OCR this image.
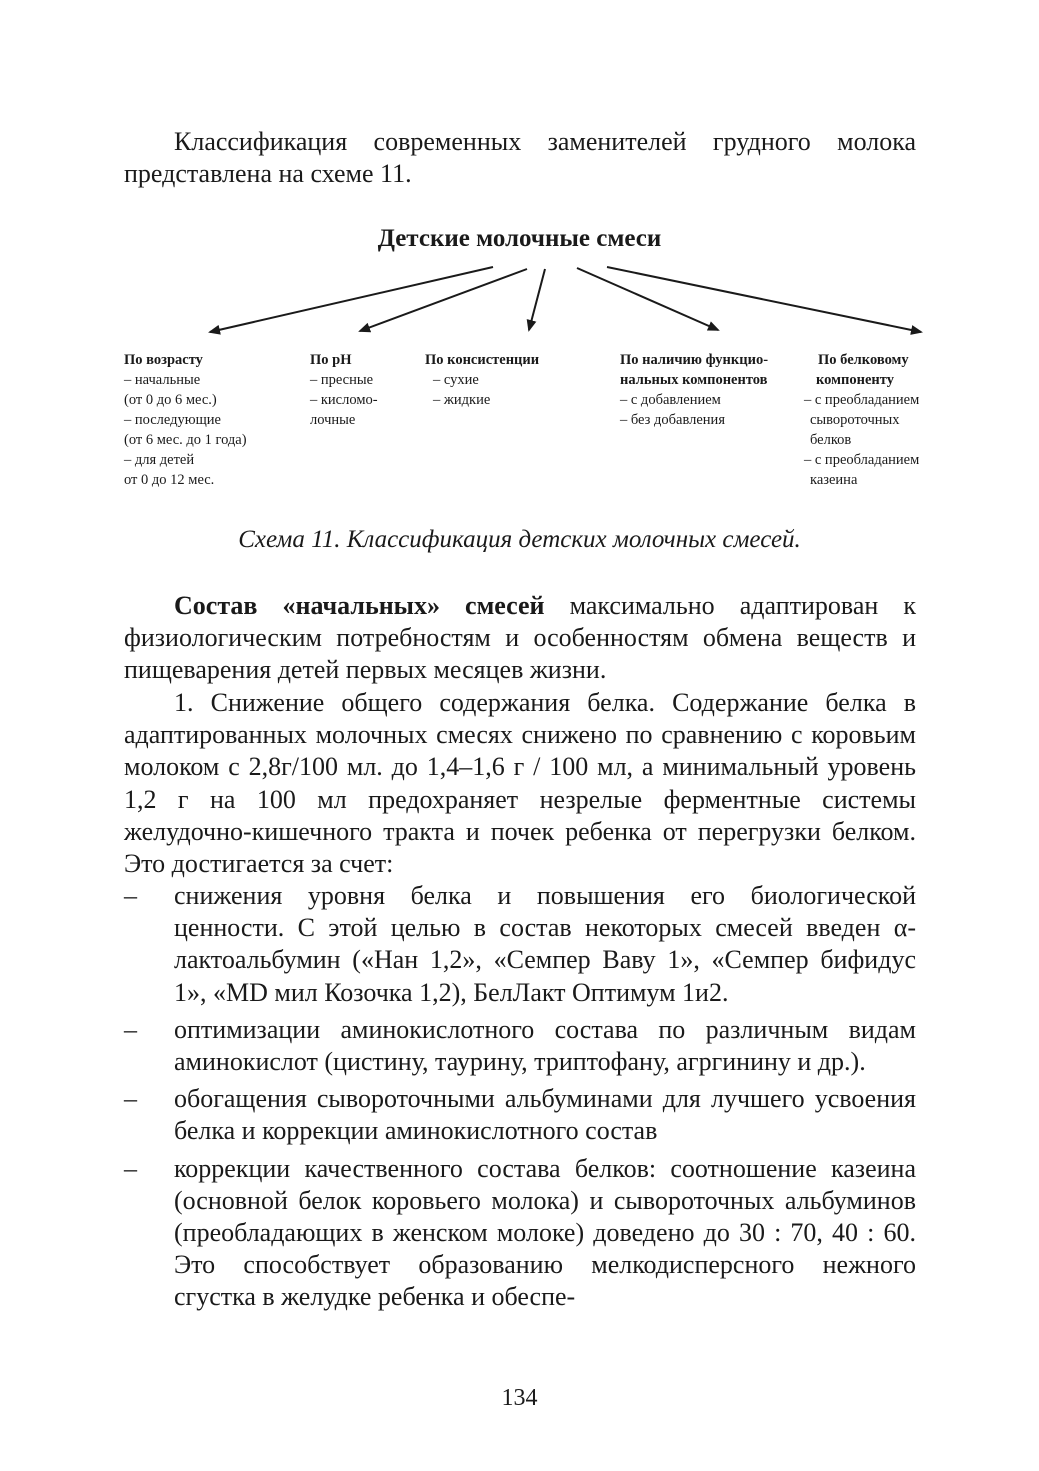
Классификация современных заменителей грудного молока представлена на схеме 11.

Детские молочные смеси
По возрасту
– начальные
(от 0 до 6 мес.)
– последующие
(от 6 мес. до 1 года)
– для детей
от 0 до 12 мес.
По pH
– пресные
– кисломо-
лочные
По консистенции
– сухие
– жидкие
По наличию функцио-
нальных компонентов
– с добавлением
– без добавления
По белковому
компоненту
– с преобладанием
сывороточных
белков
– с преобладанием
казеина
Схема 11. Классификация детских молочных смесей.

Состав «начальных» смесей максимально адаптирован к физиологическим потребностям и особенностям обмена веществ и пищеварения детей первых месяцев жизни.

1. Снижение общего содержания белка. Содержание белка в адаптированных молочных смесях снижено по сравнению с коровьим молоком с 2,8г/100 мл. до 1,4–1,6 г / 100 мл, а минимальный уровень 1,2 г на 100 мл предохраняет незрелые ферментные системы желудочно-кишечного тракта и почек ребенка от перегрузки белком. Это достигается за счет:

– снижения уровня белка и повышения его биологической ценности. С этой целью в состав некоторых смесей введен α-лактоальбумин («Нан 1,2», «Семпер Ваву 1», «Семпер бифидус 1», «MD мил Козочка 1,2), БелЛакт Оптимум 1и2.
– оптимизации аминокислотного состава по различным видам аминокислот (цистину, таурину, триптофану, агргинину и др.).
– обогащения сывороточными альбуминами для лучшего усвоения белка и коррекции аминокислотного состав
– коррекции качественного состава белков: соотношение казеина (основной белок коровьего молока) и сывороточных альбуминов (преобладающих в женском молоке) доведено до 30 : 70, 40 : 60. Это способствует образованию мелкодисперсного нежного сгустка в желудке ребенка и обеспе-
134
